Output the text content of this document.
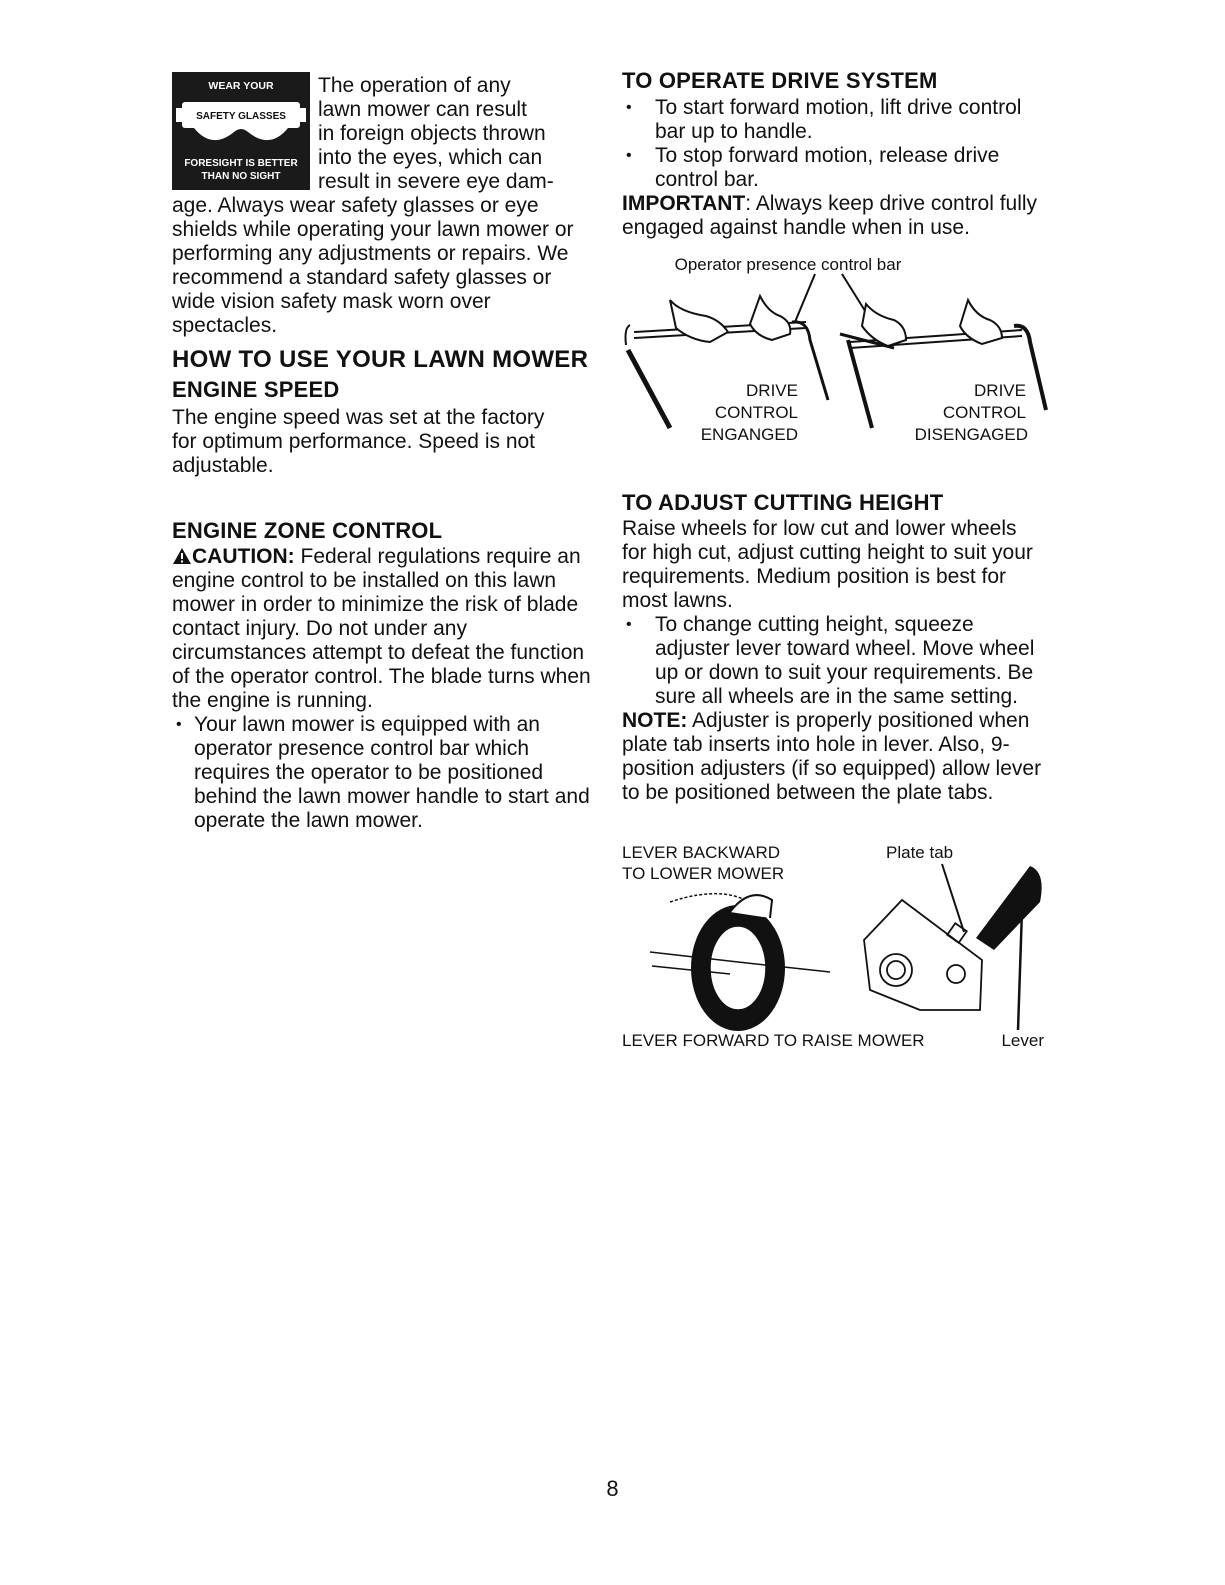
WEAR YOUR
SAFETY GLASSES
FORESIGHT IS BETTER
THAN NO SIGHT

The operation of any

lawn mower can result

in foreign objects thrown

into the eyes, which can

result in severe eye dam-

age. Always wear safety glasses or eye shields while operating your lawn mower or performing any adjustments or repairs. We recommend a standard safety glasses or wide vision safety mask worn over spectacles.

HOW TO USE YOUR LAWN MOWER
ENGINE SPEED

The engine speed was set at the factory for optimum performance. Speed is not adjustable.

ENGINE ZONE CONTROL

CAUTION: Federal regulations require an engine control to be installed on this lawn mower in order to minimize the risk of blade contact injury. Do not under any circumstances attempt to defeat the function of the operator control. The blade turns when the engine is running.

• Your lawn mower is equipped with an operator presence control bar which requires the operator to be positioned behind the lawn mower handle to start and operate the lawn mower.
TO OPERATE DRIVE SYSTEM
• To start forward motion, lift drive control bar up to handle.
• To stop forward motion, release drive control bar.

IMPORTANT: Always keep drive control fully engaged against handle when in use.

Operator presence control bar
DRIVE
CONTROL
ENGANGED
DRIVE
CONTROL
DISENGAGED
TO ADJUST CUTTING HEIGHT

Raise wheels for low cut and lower wheels for high cut, adjust cutting height to suit your requirements. Medium position is best for most lawns.

• To change cutting height, squeeze adjuster lever toward wheel. Move wheel up or down to suit your requirements. Be sure all wheels are in the same setting.

NOTE: Adjuster is properly positioned when plate tab inserts into hole in lever. Also, 9-position adjusters (if so equipped) allow lever to be positioned between the plate tabs.

LEVER BACKWARD
TO LOWER MOWER
Plate tab
LEVER FORWARD TO RAISE MOWER	Lever
8
